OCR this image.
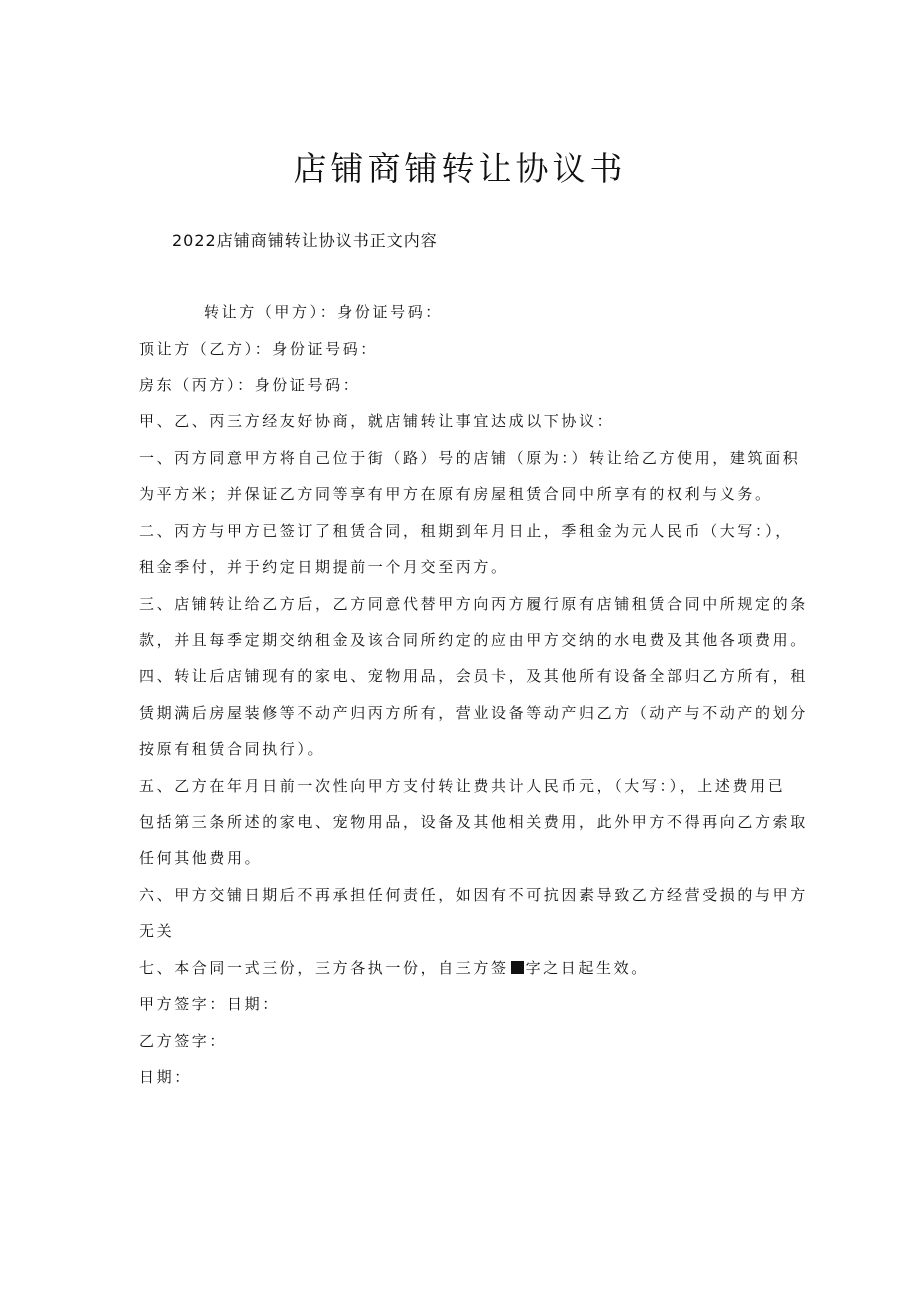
店铺商铺转让协议书
2022店铺商铺转让协议书正文内容
转让方（甲方）：身份证号码：
顶让方（乙方）：身份证号码：
房东（丙方）：身份证号码：
甲、乙、丙三方经友好协商，就店铺转让事宜达成以下协议：
一、丙方同意甲方将自己位于街（路）号的店铺（原为：）转让给乙方使用，建筑面积
为平方米；并保证乙方同等享有甲方在原有房屋租赁合同中所享有的权利与义务。
二、丙方与甲方已签订了租赁合同，租期到年月日止，季租金为元人民币（大写：），
租金季付，并于约定日期提前一个月交至丙方。
三、店铺转让给乙方后，乙方同意代替甲方向丙方履行原有店铺租赁合同中所规定的条
款，并且每季定期交纳租金及该合同所约定的应由甲方交纳的水电费及其他各项费用。
四、转让后店铺现有的家电、宠物用品，会员卡，及其他所有设备全部归乙方所有，租
赁期满后房屋装修等不动产归丙方所有，营业设备等动产归乙方（动产与不动产的划分
按原有租赁合同执行）。
五、乙方在年月日前一次性向甲方支付转让费共计人民币元，（大写：），上述费用已
包括第三条所述的家电、宠物用品，设备及其他相关费用，此外甲方不得再向乙方索取
任何其他费用。
六、甲方交铺日期后不再承担任何责任，如因有不可抗因素导致乙方经营受损的与甲方
无关
七、本合同一式三份，三方各执一份，自三方签 字之日起生效。
甲方签字：日期：
乙方签字：
日期：
